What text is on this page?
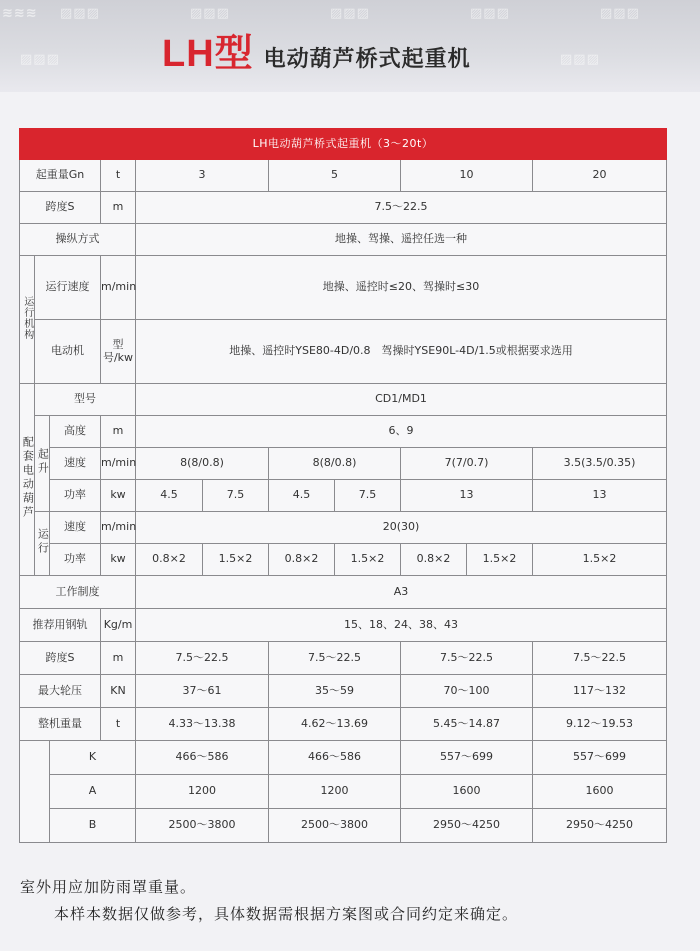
≋≋≋ ▨▨▨	▨▨▨	▨▨▨	▨▨▨	▨▨▨
▨▨▨	▨▨▨
LH型 电动葫芦桥式起重机
LH电动葫芦桥式起重机（3～20t）										
起重量Gn			t	3		5		10		20
跨度S			m	7.5～22.5						
操纵方式				地操、驾操、遥控任选一种						
运行机构	运行速度		m/min	地操、遥控时≤20、驾操时≤30						
	电动机		型号/kw	地操、遥控时YSE80-4D/0.8　驾操时YSE90L-4D/1.5或根据要求选用						
配套电动葫芦	型号			CD1/MD1						
	起升	高度	m	6、9						
		速度	m/min	8(8/0.8)		8(8/0.8)		7(7/0.7)		3.5(3.5/0.35)
		功率	kw	4.5	7.5	4.5	7.5	13		13
	运行	速度	m/min	20(30)						
		功率	kw	0.8×2	1.5×2	0.8×2	1.5×2	0.8×2	1.5×2	1.5×2
工作制度				A3						
推荐用钢轨			Kg/m	15、18、24、38、43						
跨度S			m	7.5～22.5		7.5～22.5		7.5～22.5		7.5～22.5
最大轮压			KN	37～61		35～59		70～100		117～132
整机重量			t	4.33～13.38		4.62～13.69		5.45～14.87		9.12～19.53
		K		466～586		466～586		557～699		557～699
		A		1200		1200		1600		1600
		B		2500～3800		2500～3800		2950～4250		2950～4250
室外用应加防雨罩重量。
本样本数据仅做参考，具体数据需根据方案图或合同约定来确定。
